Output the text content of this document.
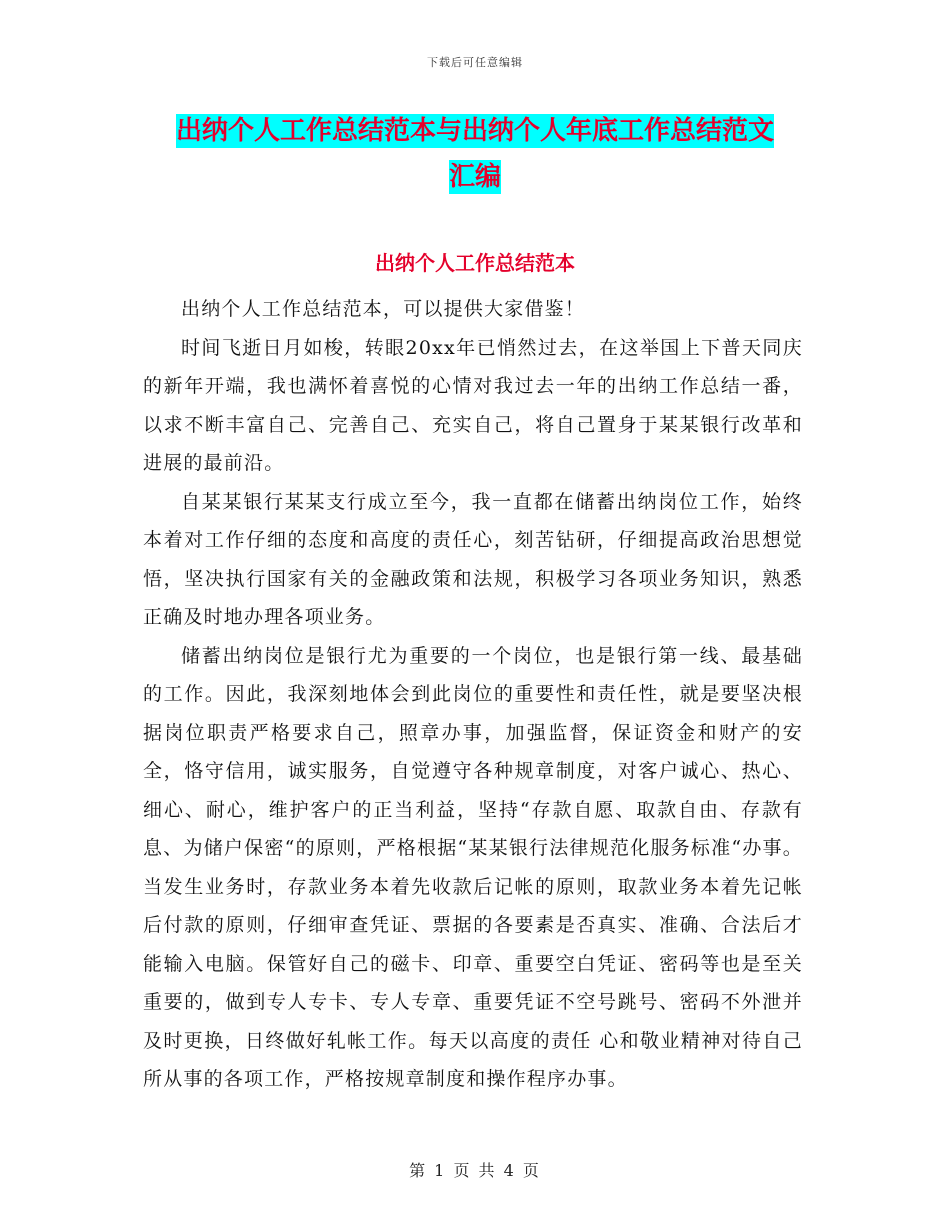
下载后可任意编辑
出纳个人工作总结范本与出纳个人年底工作总结范文
汇编
出纳个人工作总结范本

出纳个人工作总结范本，可以提供大家借鉴！

时间飞逝日月如梭，转眼20xx年已悄然过去，在这举国上下普天同庆的新年开端，我也满怀着喜悦的心情对我过去一年的出纳工作总结一番，以求不断丰富自己、完善自己、充实自己，将自己置身于某某银行改革和进展的最前沿。

自某某银行某某支行成立至今，我一直都在储蓄出纳岗位工作，始终本着对工作仔细的态度和高度的责任心，刻苦钻研，仔细提高政治思想觉悟，坚决执行国家有关的金融政策和法规，积极学习各项业务知识，熟悉正确及时地办理各项业务。

储蓄出纳岗位是银行尤为重要的一个岗位，也是银行第一线、最基础的工作。因此，我深刻地体会到此岗位的重要性和责任性，就是要坚决根据岗位职责严格要求自己，照章办事，加强监督，保证资金和财产的安全，恪守信用，诚实服务，自觉遵守各种规章制度，对客户诚心、热心、细心、耐心，维护客户的正当利益，坚持“存款自愿、取款自由、存款有息、为储户保密“的原则，严格根据“某某银行法律规范化服务标准“办事。当发生业务时，存款业务本着先收款后记帐的原则，取款业务本着先记帐后付款的原则，仔细审查凭证、票据的各要素是否真实、准确、合法后才能输入电脑。保管好自己的磁卡、印章、重要空白凭证、密码等也是至关重要的，做到专人专卡、专人专章、重要凭证不空号跳号、密码不外泄并及时更换，日终做好轧帐工作。每天以高度的责任 心和敬业精神对待自己所从事的各项工作，严格按规章制度和操作程序办事。

第 1 页 共 4 页
